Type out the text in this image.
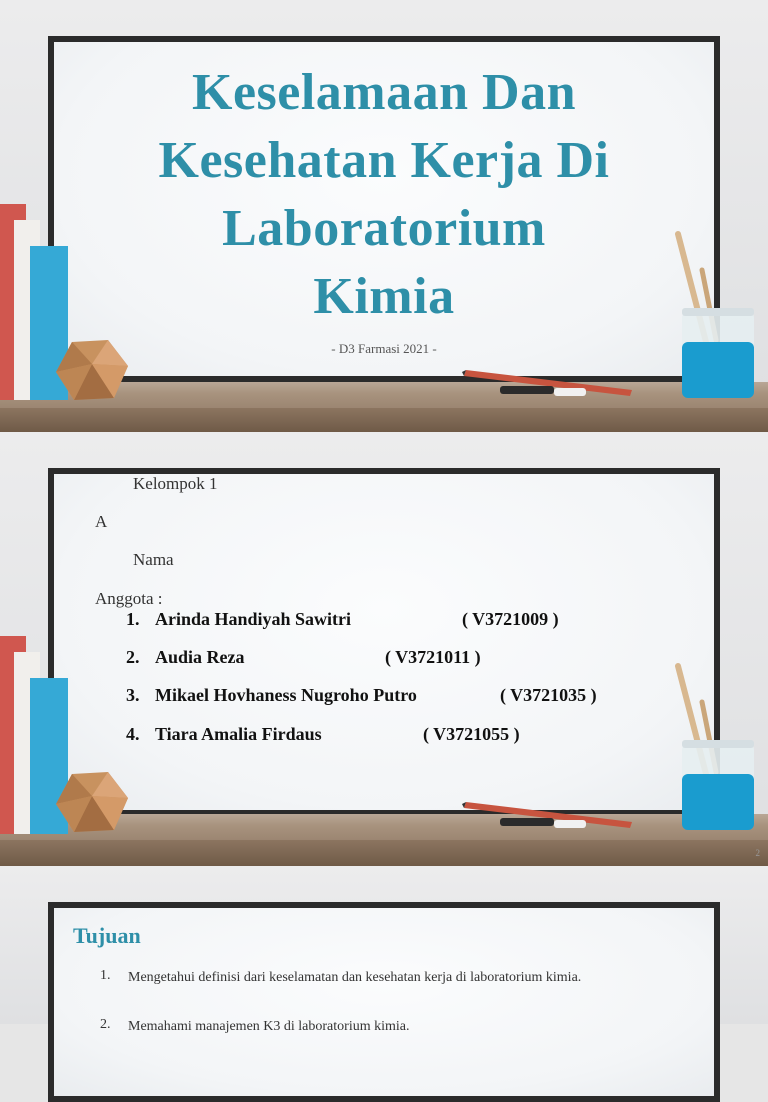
Keselamaan Dan
Kesehatan Kerja Di
Laboratorium
Kimia
- D3 Farmasi 2021 -
Kelompok 1
A
Nama
Anggota :
1. Arinda Handiyah Sawitri	( V3721009 )
2. Audia Reza	( V3721011 )
3. Mikael Hovhaness Nugroho Putro	( V3721035 )
4. Tiara Amalia Firdaus	( V3721055 )
2
Tujuan
1. Mengetahui definisi dari keselamatan dan kesehatan kerja di laboratorium kimia.
2. Memahami manajemen K3 di laboratorium kimia.
